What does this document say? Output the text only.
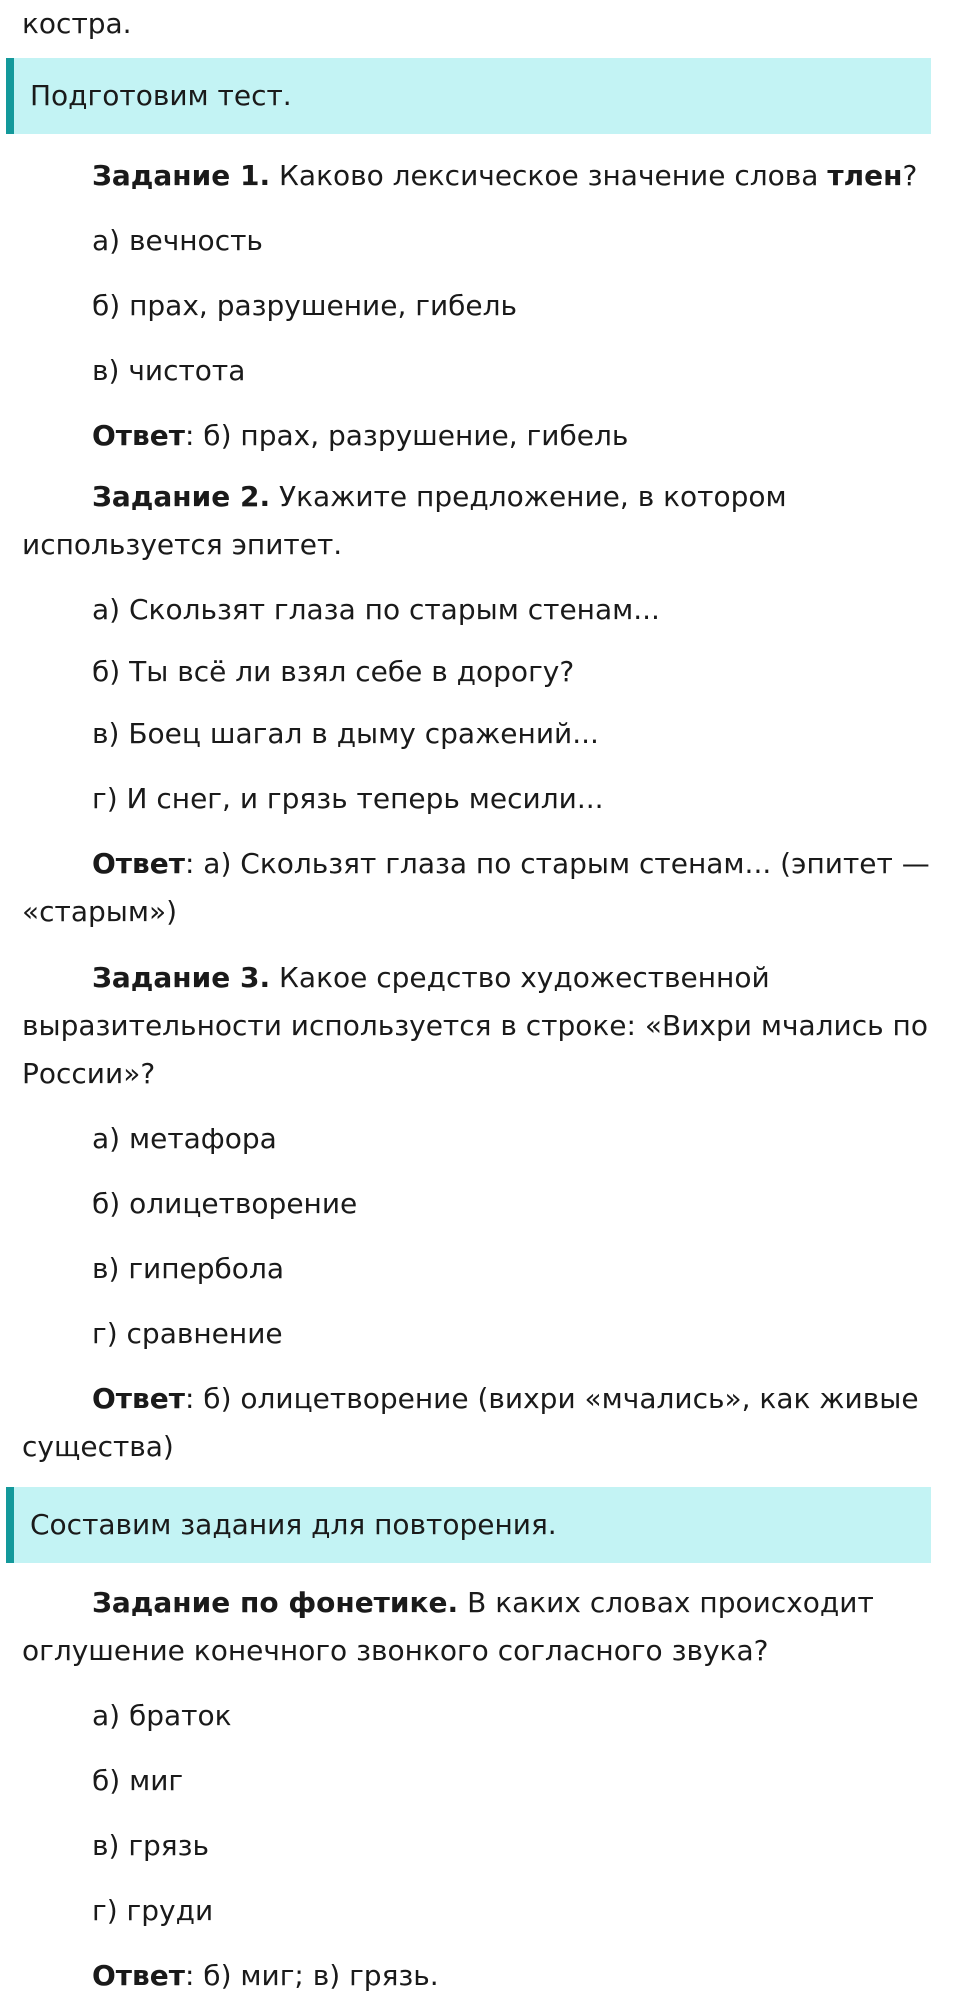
костра.
Подготовим тест.

Задание 1. Каково лексическое значение слова тлен?

а) вечность

б) прах, разрушение, гибель

в) чистота

Ответ: б) прах, разрушение, гибель

Задание 2. Укажите предложение, в котором используется эпитет.

а) Скользят глаза по старым стенам...

б) Ты всё ли взял себе в дорогу?

в) Боец шагал в дыму сражений...

г) И снег, и грязь теперь месили...

Ответ: а) Скользят глаза по старым стенам... (эпитет — «старым»)

Задание 3. Какое средство художественной выразительности используется в строке: «Вихри мчались по России»?

а) метафора

б) олицетворение

в) гипербола

г) сравнение

Ответ: б) олицетворение (вихри «мчались», как живые существа)

Составим задания для повторения.

Задание по фонетике. В каких словах происходит оглушение конечного звонкого согласного звука?

а) браток

б) миг

в) грязь

г) груди

Ответ: б) миг; в) грязь.
